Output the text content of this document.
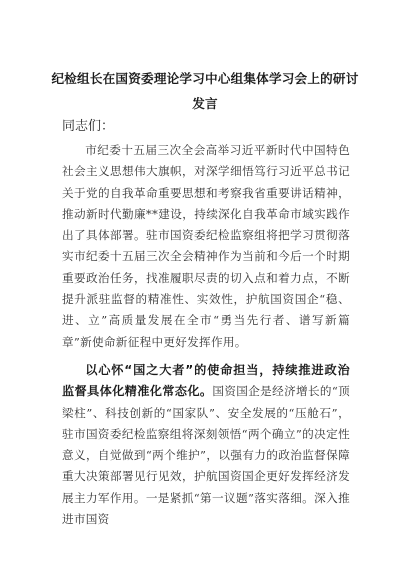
纪检组长在国资委理论学习中心组集体学习会上的研讨发言
同志们：

市纪委十五届三次全会高举习近平新时代中国特色社会主义思想伟大旗帜，对深学细悟笃行习近平总书记关于党的自我革命重要思想和考察我省重要讲话精神，推动新时代勤廉**建设，持续深化自我革命市域实践作出了具体部署。驻市国资委纪检监察组将把学习贯彻落实市纪委十五届三次全会精神作为当前和今后一个时期重要政治任务，找准履职尽责的切入点和着力点，不断提升派驻监督的精准性、实效性，护航国资国企“稳、进、立”高质量发展在全市“勇当先行者、谱写新篇章”新使命新征程中更好发挥作用。

以心怀“国之大者”的使命担当，持续推进政治监督具体化精准化常态化。国资国企是经济增长的“顶梁柱”、科技创新的“国家队”、安全发展的“压舱石”，驻市国资委纪检监察组将深刻领悟“两个确立”的决定性意义，自觉做到“两个维护”，以强有力的政治监督保障重大决策部署见行见效，护航国资国企更好发挥经济发展主力军作用。一是紧抓“第一议题”落实落细。深入推进市国资
